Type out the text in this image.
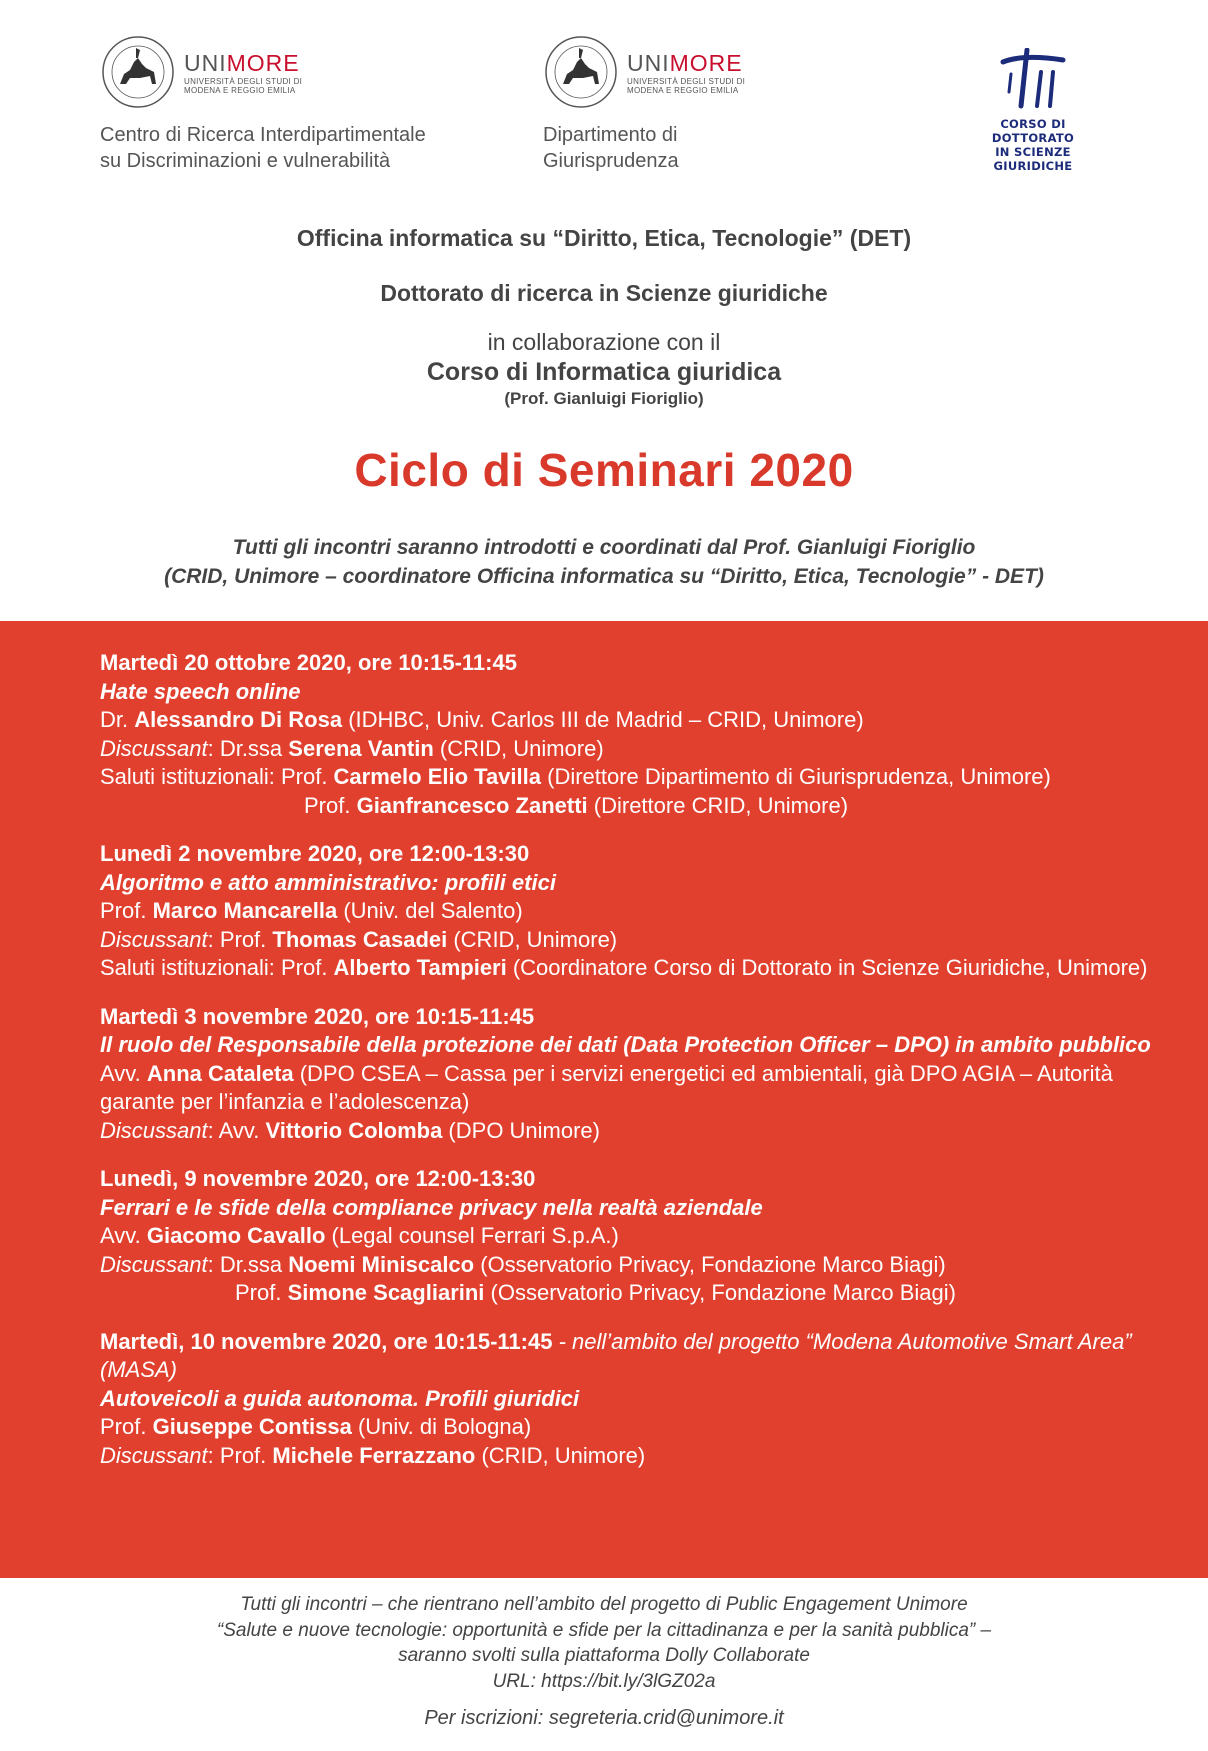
UNIMORE
UNIVERSITÀ DEGLI STUDI DI
MODENA E REGGIO EMILIA
Centro di Ricerca Interdipartimentale
su Discriminazioni e vulnerabilità
UNIMORE
UNIVERSITÀ DEGLI STUDI DI
MODENA E REGGIO EMILIA
Dipartimento di
Giurisprudenza
CORSO DI DOTTORATO
IN SCIENZE GIURIDICHE
Officina informatica su “Diritto, Etica, Tecnologie” (DET)
Dottorato di ricerca in Scienze giuridiche
in collaborazione con il
Corso di Informatica giuridica
(Prof. Gianluigi Fioriglio)
Ciclo di Seminari 2020
Tutti gli incontri saranno introdotti e coordinati dal Prof. Gianluigi Fioriglio
(CRID, Unimore – coordinatore Officina informatica su “Diritto, Etica, Tecnologie” - DET)
Martedì 20 ottobre 2020, ore 10:15-11:45
Hate speech online
Dr. Alessandro Di Rosa (IDHBC, Univ. Carlos III de Madrid – CRID, Unimore)
Discussant: Dr.ssa Serena Vantin (CRID, Unimore)
Saluti istituzionali: Prof. Carmelo Elio Tavilla (Direttore Dipartimento di Giurisprudenza, Unimore)
Prof. Gianfrancesco Zanetti (Direttore CRID, Unimore)
Lunedì 2 novembre 2020, ore 12:00-13:30
Algoritmo e atto amministrativo: profili etici
Prof. Marco Mancarella (Univ. del Salento)
Discussant: Prof. Thomas Casadei (CRID, Unimore)
Saluti istituzionali: Prof. Alberto Tampieri (Coordinatore Corso di Dottorato in Scienze Giuridiche, Unimore)
Martedì 3 novembre 2020, ore 10:15-11:45
Il ruolo del Responsabile della protezione dei dati (Data Protection Officer – DPO) in ambito pubblico
Avv. Anna Cataleta (DPO CSEA – Cassa per i servizi energetici ed ambientali, già DPO AGIA – Autorità garante per l’infanzia e l’adolescenza)
Discussant: Avv. Vittorio Colomba (DPO Unimore)
Lunedì, 9 novembre 2020, ore 12:00-13:30
Ferrari e le sfide della compliance privacy nella realtà aziendale
Avv. Giacomo Cavallo (Legal counsel Ferrari S.p.A.)
Discussant: Dr.ssa Noemi Miniscalco (Osservatorio Privacy, Fondazione Marco Biagi)
Prof. Simone Scagliarini (Osservatorio Privacy, Fondazione Marco Biagi)
Martedì, 10 novembre 2020, ore 10:15-11:45 - nell’ambito del progetto “Modena Automotive Smart Area” (MASA)
Autoveicoli a guida autonoma. Profili giuridici
Prof. Giuseppe Contissa (Univ. di Bologna)
Discussant: Prof. Michele Ferrazzano (CRID, Unimore)
Tutti gli incontri – che rientrano nell’ambito del progetto di Public Engagement Unimore
“Salute e nuove tecnologie: opportunità e sfide per la cittadinanza e per la sanità pubblica” –
saranno svolti sulla piattaforma Dolly Collaborate
URL: https://bit.ly/3lGZ02a
Per iscrizioni: segreteria.crid@unimore.it
